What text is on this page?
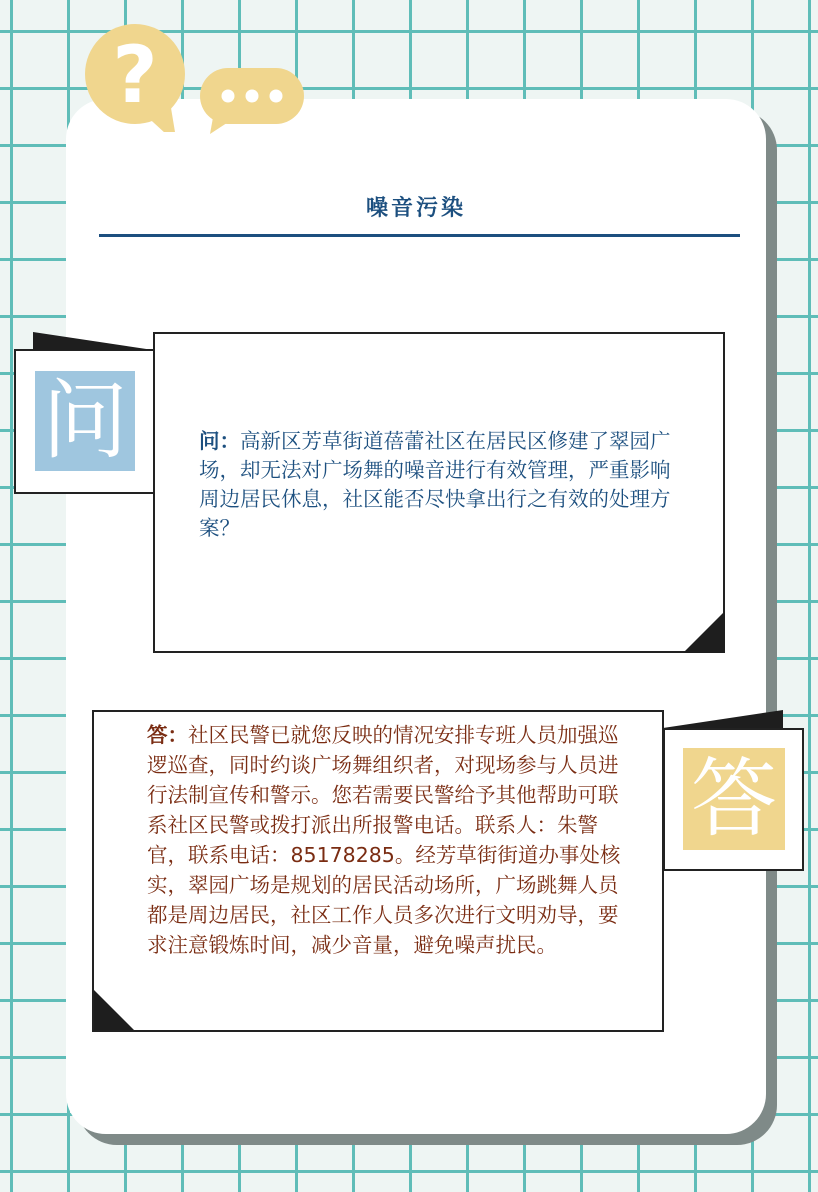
?
噪音污染
问	问：高新区芳草街道蓓蕾社区在居民区修建了翠园广场，却无法对广场舞的噪音进行有效管理，严重影响周边居民休息，社区能否尽快拿出行之有效的处理方案？
答
答：社区民警已就您反映的情况安排专班人员加强巡逻巡查，同时约谈广场舞组织者，对现场参与人员进行法制宣传和警示。您若需要民警给予其他帮助可联系社区民警或拨打派出所报警电话。联系人：朱警官，联系电话：85178285。经芳草街街道办事处核实，翠园广场是规划的居民活动场所，广场跳舞人员都是周边居民，社区工作人员多次进行文明劝导，要求注意锻炼时间，减少音量，避免噪声扰民。
